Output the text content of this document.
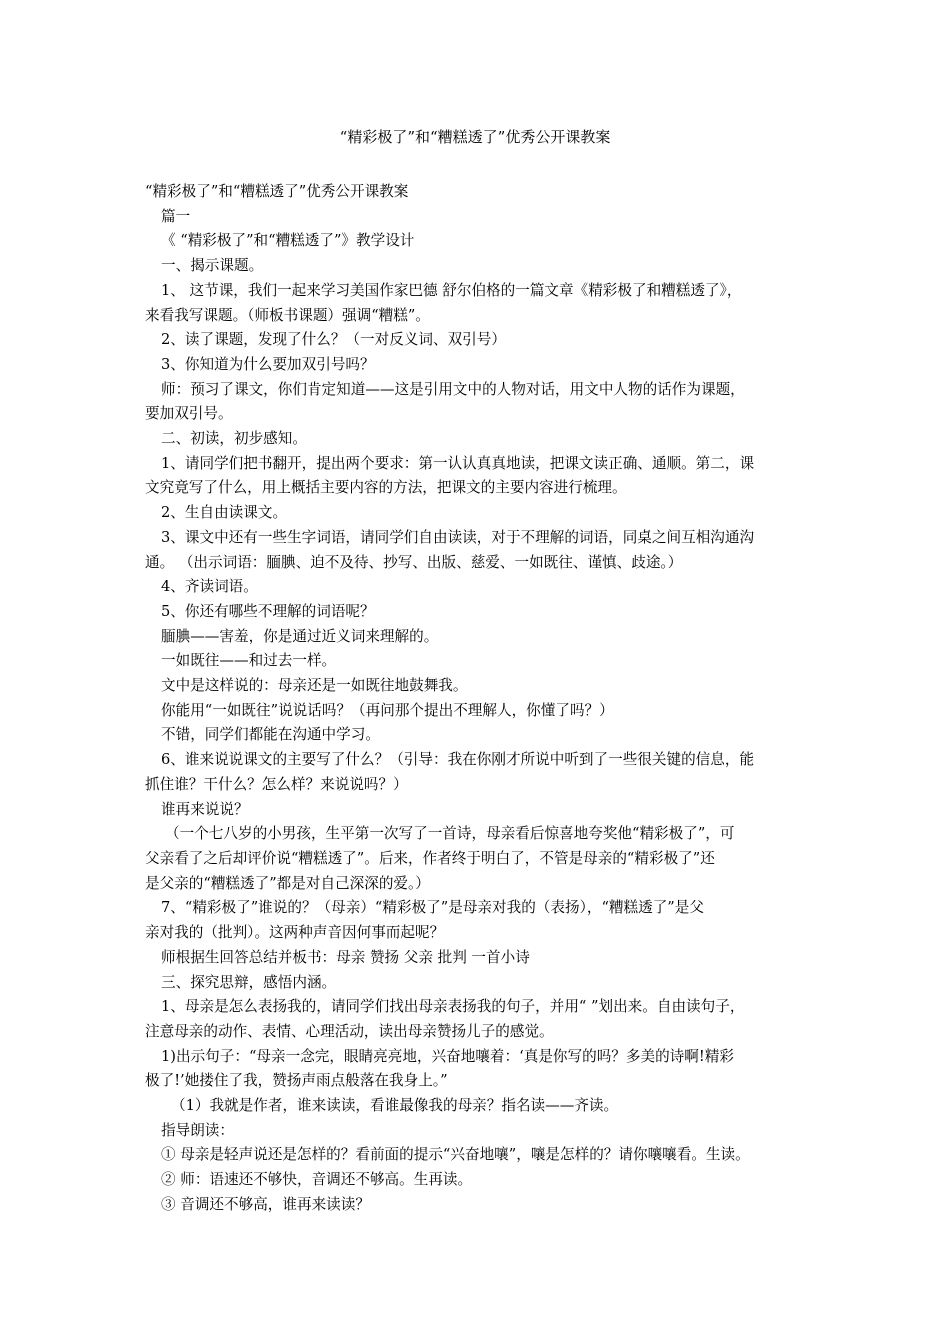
“精彩极了”和“糟糕透了”优秀公开课教案

“精彩极了”和“糟糕透了”优秀公开课教案

篇一

《 “精彩极了”和“糟糕透了”》教学设计

一、揭示课题。

1、 这节课，我们一起来学习美国作家巴德 舒尔伯格的一篇文章《精彩极了和糟糕透了》，

来看我写课题。（师板书课题）强调“糟糕”。

2、读了课题，发现了什么？（一对反义词、双引号）

3、你知道为什么要加双引号吗？

师：预习了课文，你们肯定知道——这是引用文中的人物对话，用文中人物的话作为课题，

要加双引号。

二、初读，初步感知。

1、请同学们把书翻开，提出两个要求：第一认认真真地读，把课文读正确、通顺。第二，课

文究竟写了什么，用上概括主要内容的方法，把课文的主要内容进行梳理。

2、生自由读课文。

3、课文中还有一些生字词语，请同学们自由读读，对于不理解的词语，同桌之间互相沟通沟

通。 （出示词语：腼腆、迫不及待、抄写、出版、慈爱、一如既往、谨慎、歧途。）

4、齐读词语。

5、你还有哪些不理解的词语呢？

腼腆——害羞，你是通过近义词来理解的。

一如既往——和过去一样。

文中是这样说的：母亲还是一如既往地鼓舞我。

你能用“一如既往”说说话吗？（再问那个提出不理解人，你懂了吗？）

不错，同学们都能在沟通中学习。

6、谁来说说课文的主要写了什么？（引导：我在你刚才所说中听到了一些很关键的信息，能

抓住谁？干什么？怎么样？来说说吗？）

谁再来说说？

（一个七八岁的小男孩，生平第一次写了一首诗，母亲看后惊喜地夸奖他“精彩极了”，可

父亲看了之后却评价说“糟糕透了”。后来，作者终于明白了，不管是母亲的“精彩极了”还

是父亲的“糟糕透了”都是对自己深深的爱。）

7、“精彩极了”谁说的？（母亲）“精彩极了”是母亲对我的（表扬），“糟糕透了”是父

亲对我的（批判）。这两种声音因何事而起呢？

师根据生回答总结并板书：母亲 赞扬 父亲 批判 一首小诗

三、探究思辩，感悟内涵。

1、母亲是怎么表扬我的，请同学们找出母亲表扬我的句子，并用“ ”划出来。自由读句子，

注意母亲的动作、表情、心理活动，读出母亲赞扬儿子的感觉。

1)出示句子：“母亲一念完，眼睛亮亮地，兴奋地嚷着：‘真是你写的吗？多美的诗啊!精彩

极了!’她搂住了我，赞扬声雨点般落在我身上。”

（1）我就是作者，谁来读读，看谁最像我的母亲？指名读——齐读。

指导朗读：

① 母亲是轻声说还是怎样的？看前面的提示“兴奋地嚷”，嚷是怎样的？请你嚷嚷看。生读。

② 师：语速还不够快，音调还不够高。生再读。

③ 音调还不够高，谁再来读读？
